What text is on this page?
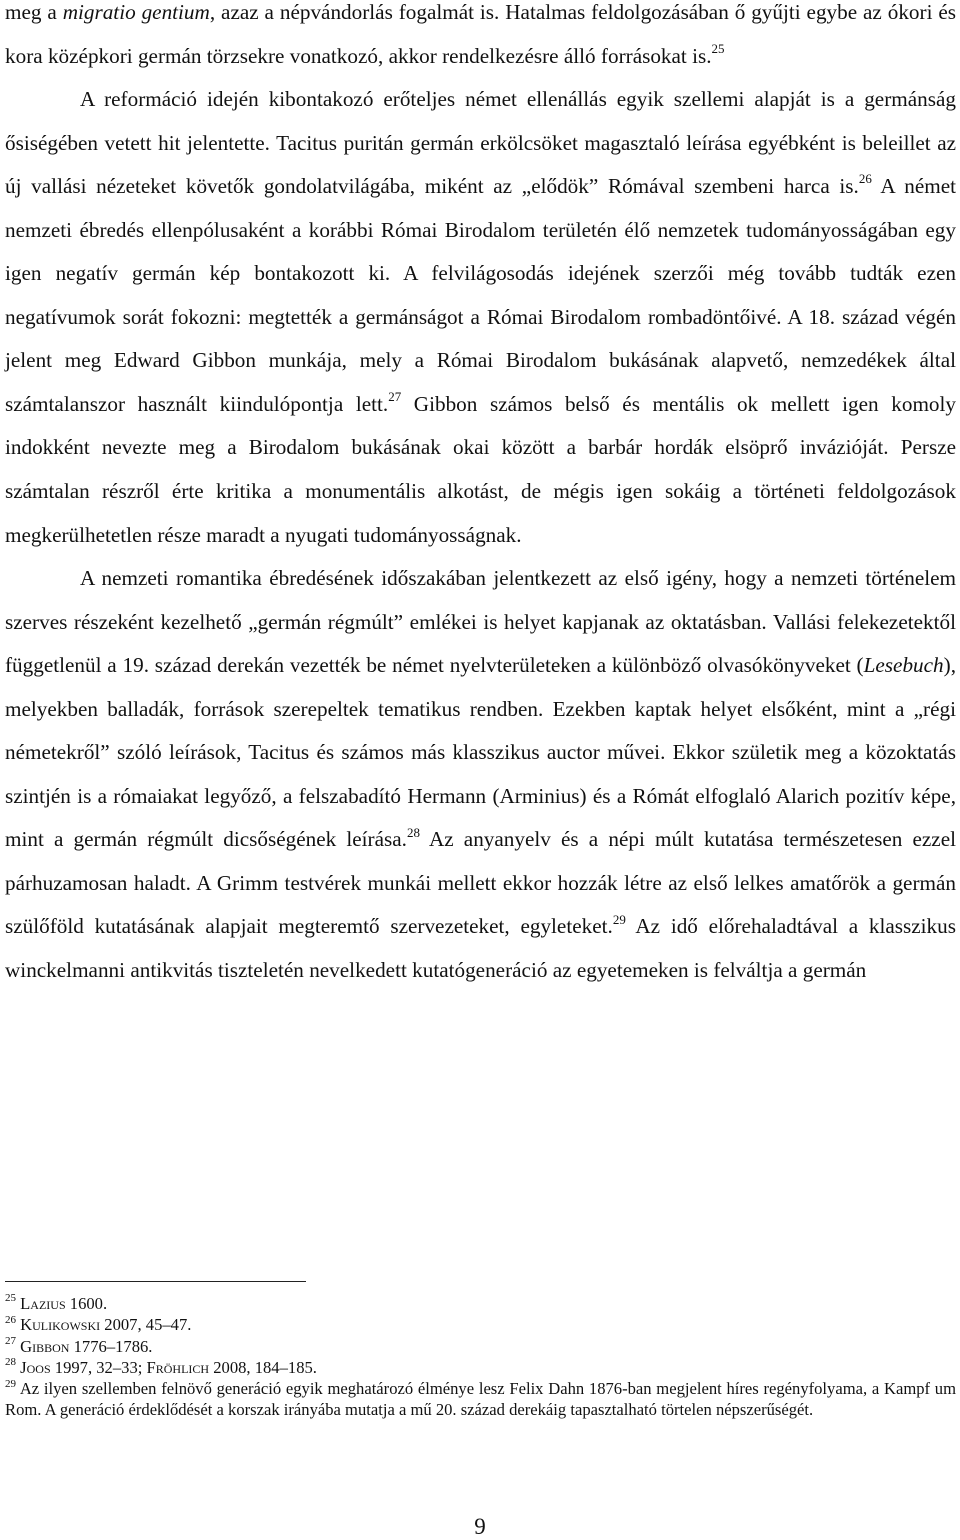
meg a migratio gentium, azaz a népvándorlás fogalmát is. Hatalmas feldolgozásában ő gyűjti egybe az ókori és kora középkori germán törzsekre vonatkozó, akkor rendelkezésre álló forrásokat is.$^{25}$

A reformáció idején kibontakozó erőteljes német ellenállás egyik szellemi alapját is a germánság ősiségében vetett hit jelentette. Tacitus puritán germán erkölcsöket magasztaló leírása egyébként is beleillet az új vallási nézeteket követők gondolatvilágába, miként az „elődök” Rómával szembeni harca is.$^{26}$ A német nemzeti ébredés ellenpólusaként a korábbi Római Birodalom területén élő nemzetek tudományosságában egy igen negatív germán kép bontakozott ki. A felvilágosodás idejének szerzői még tovább tudták ezen negatívumok sorát fokozni: megtették a germánságot a Római Birodalom rombadöntőivé. A 18. század végén jelent meg Edward Gibbon munkája, mely a Római Birodalom bukásának alapvető, nemzedékek által számtalanszor használt kiindulópontja lett.$^{27}$ Gibbon számos belső és mentális ok mellett igen komoly indokként nevezte meg a Birodalom bukásának okai között a barbár hordák elsöprő invázióját. Persze számtalan részről érte kritika a monumentális alkotást, de mégis igen sokáig a történeti feldolgozások megkerülhetetlen része maradt a nyugati tudományosságnak.

A nemzeti romantika ébredésének időszakában jelentkezett az első igény, hogy a nemzeti történelem szerves részeként kezelhető „germán régmúlt” emlékei is helyet kapjanak az oktatásban. Vallási felekezetektől függetlenül a 19. század derekán vezették be német nyelvterületeken a különböző olvasókönyveket (Lesebuch), melyekben balladák, források szerepeltek tematikus rendben. Ezekben kaptak helyet elsőként, mint a „régi németekről” szóló leírások, Tacitus és számos más klasszikus auctor művei. Ekkor születik meg a közoktatás szintjén is a rómaiakat legyőző, a felszabadító Hermann (Arminius) és a Rómát elfoglaló Alarich pozitív képe, mint a germán régmúlt dicsőségének leírása.$^{28}$ Az anyanyelv és a népi múlt kutatása természetesen ezzel párhuzamosan haladt. A Grimm testvérek munkái mellett ekkor hozzák létre az első lelkes amatőrök a germán szülőföld kutatásának alapjait megteremtő szervezeteket, egyleteket.$^{29}$ Az idő előrehaladtával a klasszikus winckelmanni antikvitás tiszteletén nevelkedett kutatógeneráció az egyetemeken is felváltja a germán

$^{25}$ Lazius 1600.

$^{26}$ Kulikowski 2007, 45–47.

$^{27}$ Gibbon 1776–1786.

$^{28}$ Joos 1997, 32–33; Fröhlich 2008, 184–185.

$^{29}$ Az ilyen szellemben felnövő generáció egyik meghatározó élménye lesz Felix Dahn 1876-ban megjelent híres regényfolyama, a Kampf um Rom. A generáció érdeklődését a korszak irányába mutatja a mű 20. század derekáig tapasztalható törtelen népszerűségét.

9
